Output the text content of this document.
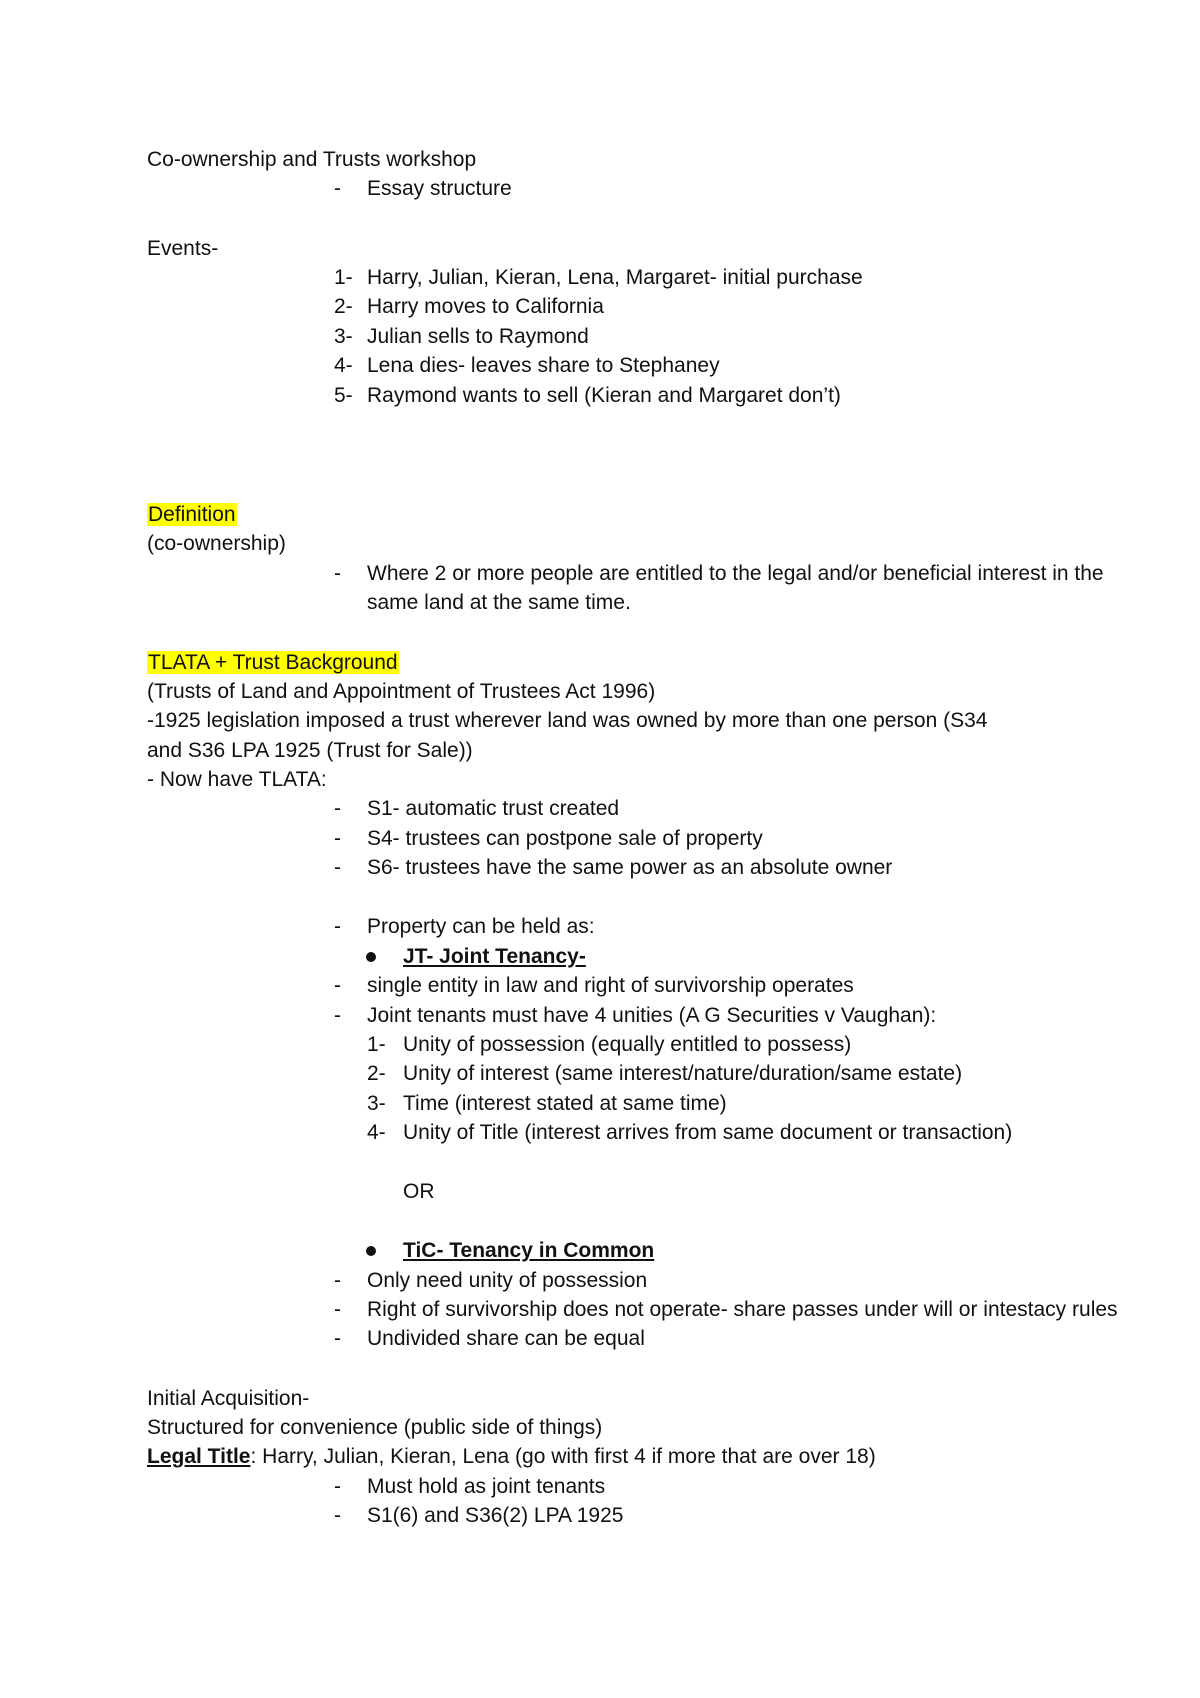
Co-ownership and Trusts workshop
- Essay structure
Events-
1- Harry, Julian, Kieran, Lena, Margaret- initial purchase
2- Harry moves to California
3- Julian sells to Raymond
4- Lena dies- leaves share to Stephaney
5- Raymond wants to sell (Kieran and Margaret don’t)
Definition
(co-ownership)
- Where 2 or more people are entitled to the legal and/or beneficial interest in the
same land at the same time.
TLATA + Trust Background
(Trusts of Land and Appointment of Trustees Act 1996)
-1925 legislation imposed a trust wherever land was owned by more than one person (S34
and S36 LPA 1925 (Trust for Sale))
- Now have TLATA:
- S1- automatic trust created
- S4- trustees can postpone sale of property
- S6- trustees have the same power as an absolute owner
- Property can be held as:
JT- Joint Tenancy-
- single entity in law and right of survivorship operates
- Joint tenants must have 4 unities (A G Securities v Vaughan):
1- Unity of possession (equally entitled to possess)
2- Unity of interest (same interest/nature/duration/same estate)
3- Time (interest stated at same time)
4- Unity of Title (interest arrives from same document or transaction)
OR
TiC- Tenancy in Common
- Only need unity of possession
- Right of survivorship does not operate- share passes under will or intestacy rules
- Undivided share can be equal
Initial Acquisition-
Structured for convenience (public side of things)
Legal Title: Harry, Julian, Kieran, Lena (go with first 4 if more that are over 18)
- Must hold as joint tenants
- S1(6) and S36(2) LPA 1925
